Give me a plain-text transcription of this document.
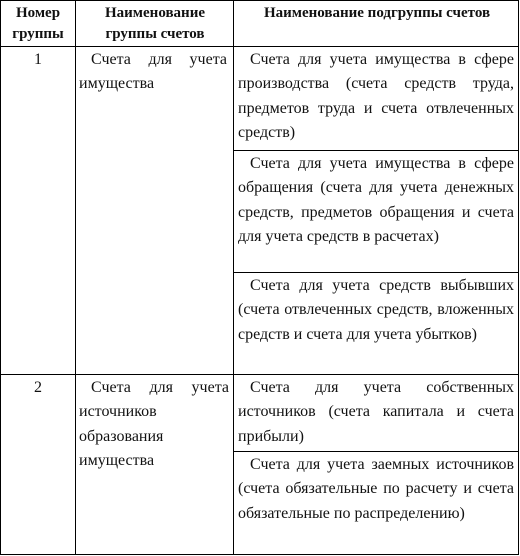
Номер группы
Наименование группы счетов
Наименование подгруппы счетов
1	Счета для учета имущества
Счета для учета имущества в сфере производства (счета средств труда, предметов труда и счета отвлеченных средств)
Счета для учета имущества в сфере обращения (счета для учета денежных средств, предметов обращения и счета для учета средств в расчетах)
Счета для учета средств выбывших (счета отвлеченных средств, вложенных средств и счета для учета убытков)
2	Счета для учета источников образования имущества
Счета для учета собственных источников (счета капитала и счета прибыли)
Счета для учета заемных источников (счета обязательные по расчету и счета обязательные по распределению)
